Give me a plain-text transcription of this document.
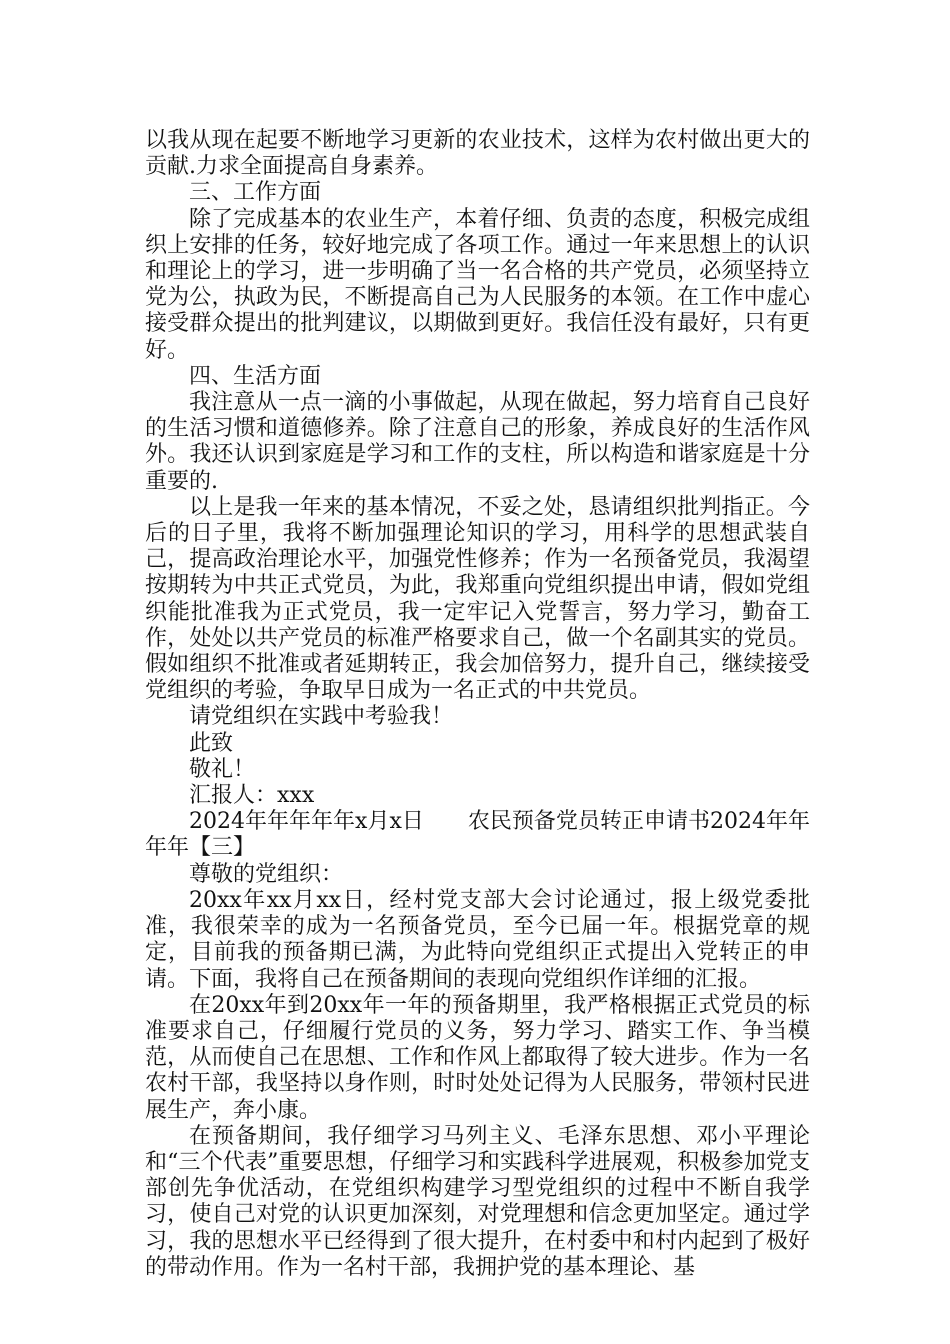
以我从现在起要不断地学习更新的农业技术，这样为农村做出更大的贡献.力求全面提高自身素养。

三、工作方面

除了完成基本的农业生产，本着仔细、负责的态度，积极完成组织上安排的任务，较好地完成了各项工作。通过一年来思想上的认识和理论上的学习，进一步明确了当一名合格的共产党员，必须坚持立党为公，执政为民，不断提高自己为人民服务的本领。在工作中虚心接受群众提出的批判建议，以期做到更好。我信任没有最好，只有更好。

四、生活方面

我注意从一点一滴的小事做起，从现在做起，努力培育自己良好的生活习惯和道德修养。除了注意自己的形象，养成良好的生活作风外。我还认识到家庭是学习和工作的支柱，所以构造和谐家庭是十分重要的.

以上是我一年来的基本情况，不妥之处，恳请组织批判指正。今后的日子里，我将不断加强理论知识的学习，用科学的思想武装自己，提高政治理论水平，加强党性修养；作为一名预备党员，我渴望按期转为中共正式党员，为此，我郑重向党组织提出申请，假如党组织能批准我为正式党员，我一定牢记入党誓言，努力学习，勤奋工作，处处以共产党员的标准严格要求自己，做一个名副其实的党员。假如组织不批准或者延期转正，我会加倍努力，提升自己，继续接受党组织的考验，争取早日成为一名正式的中共党员。

请党组织在实践中考验我！

此致

敬礼！

汇报人：xxx

2024年年年年年x月x日　　农民预备党员转正申请书2024年年年年【三】

尊敬的党组织：

20xx年xx月xx日，经村党支部大会讨论通过，报上级党委批准，我很荣幸的成为一名预备党员，至今已届一年。根据党章的规定，目前我的预备期已满，为此特向党组织正式提出入党转正的申请。下面，我将自己在预备期间的表现向党组织作详细的汇报。

在20xx年到20xx年一年的预备期里，我严格根据正式党员的标准要求自己，仔细履行党员的义务，努力学习、踏实工作、争当模范，从而使自己在思想、工作和作风上都取得了较大进步。作为一名农村干部，我坚持以身作则，时时处处记得为人民服务，带领村民进展生产，奔小康。

在预备期间，我仔细学习马列主义、毛泽东思想、邓小平理论和“三个代表”重要思想，仔细学习和实践科学进展观，积极参加党支部创先争优活动，在党组织构建学习型党组织的过程中不断自我学习，使自己对党的认识更加深刻，对党理想和信念更加坚定。通过学习，我的思想水平已经得到了很大提升，在村委中和村内起到了极好的带动作用。作为一名村干部，我拥护党的基本理论、基
